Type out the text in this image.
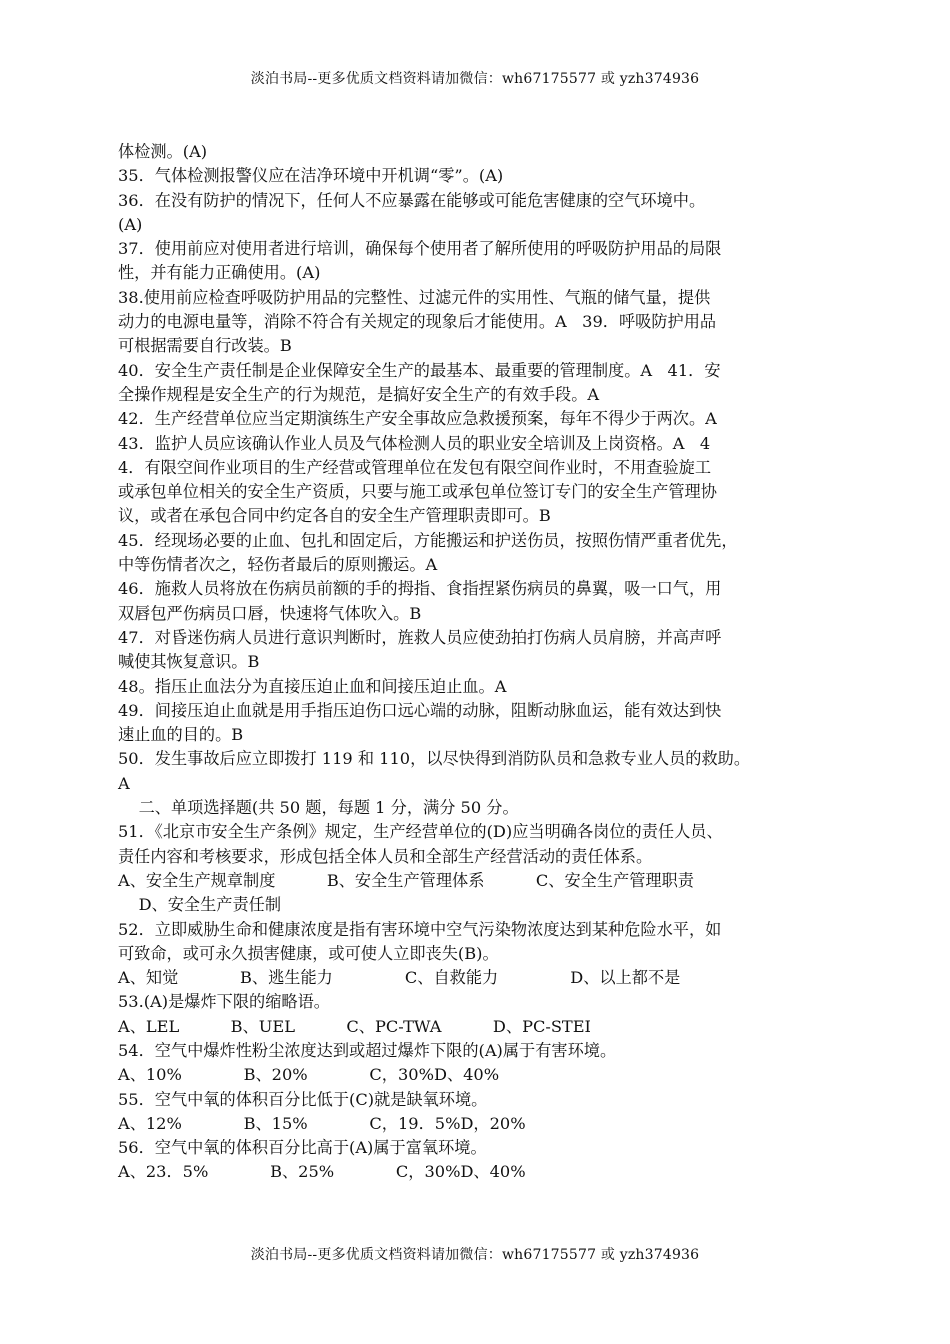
淡泊书局--更多优质文档资料请加微信：wh67175577 或 yzh374936
体检测。(A)
35．气体检测报警仪应在洁净环境中开机调“零”。(A)
36．在没有防护的情况下，任何人不应暴露在能够或可能危害健康的空气环境中。
(A)
37．使用前应对使用者进行培训，确保每个使用者了解所使用的呼吸防护用品的局限
性，并有能力正确使用。(A)
38.使用前应检查呼吸防护用品的完整性、过滤元件的实用性、气瓶的储气量，提供
动力的电源电量等，消除不符合有关规定的现象后才能使用。A   39．呼吸防护用品
可根据需要自行改装。B
40．安全生产责任制是企业保障安全生产的最基本、最重要的管理制度。A   41．安
全操作规程是安全生产的行为规范，是搞好安全生产的有效手段。A
42．生产经营单位应当定期演练生产安全事故应急救援预案，每年不得少于两次。A
43．监护人员应该确认作业人员及气体检测人员的职业安全培训及上岗资格。A   4
4．有限空间作业项目的生产经营或管理单位在发包有限空间作业时，不用查验旋工
或承包单位相关的安全生产资质，只要与施工或承包单位签订专门的安全生产管理协
议，或者在承包合同中约定各自的安全生产管理职责即可。B
45．经现场必要的止血、包扎和固定后，方能搬运和护送伤员，按照伤情严重者优先，
中等伤情者次之，轻伤者最后的原则搬运。A
46．施救人员将放在伤病员前额的手的拇指、食指捏紧伤病员的鼻翼，吸一口气，用
双唇包严伤病员口唇，快速将气体吹入。B
47．对昏迷伤病人员进行意识判断时，旌救人员应使劲拍打伤病人员肩膀，并高声呼
喊使其恢复意识。B
48。指压止血法分为直接压迫止血和间接压迫止血。A
49．间接压迫止血就是用手指压迫伤口远心端的动脉，阻断动脉血运，能有效达到快
速止血的目的。B
50．发生事故后应立即拨打 119 和 110，以尽快得到消防队员和急救专业人员的救助。
A
二、单项选择题(共 50 题，每题 1 分，满分 50 分。
51．《北京市安全生产条例》规定，生产经营单位的(D)应当明确各岗位的责任人员、
责任内容和考核要求，形成包括全体人员和全部生产经营活动的责任体系。
A、安全生产规章制度          B、安全生产管理体系          C、安全生产管理职责
D、安全生产责任制
52．立即威胁生命和健康浓度是指有害环境中空气污染物浓度达到某种危险水平，如
可致命，或可永久损害健康，或可使人立即丧失(B)。
A、知觉            B、逃生能力              C、自救能力              D、以上都不是
53.(A)是爆炸下限的缩略语。
A、LEL          B、UEL          C、PC-TWA          D、PC-STEI
54．空气中爆炸性粉尘浓度达到或超过爆炸下限的(A)属于有害环境。
A、10%            B、20%            C，30%D、40%
55．空气中氧的体积百分比低于(C)就是缺氧环境。
A、12%            B、15%            C，19．5%D，20%
56．空气中氧的体积百分比高于(A)属于富氧环境。
A、23．5%            B、25%            C，30%D、40%
淡泊书局--更多优质文档资料请加微信：wh67175577 或 yzh374936
